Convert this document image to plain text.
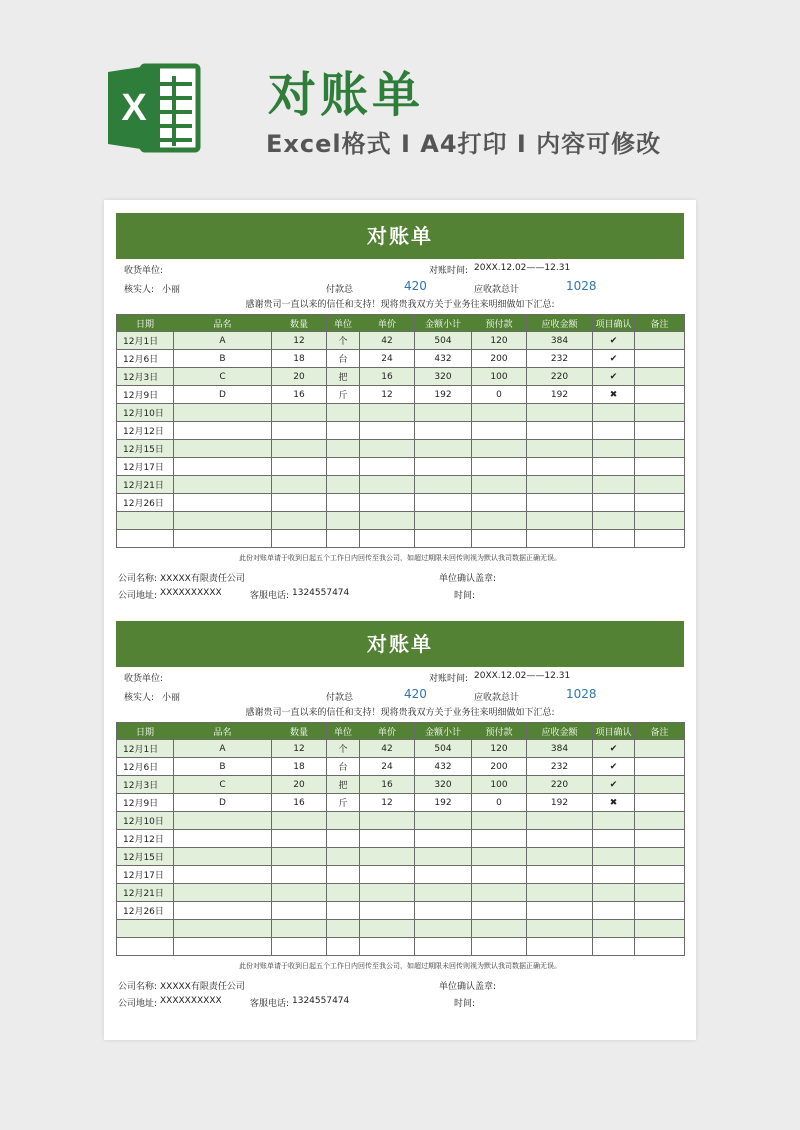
X	对账单
Excel格式 I A4打印 I 内容可修改
对账单
收货单位:	对账时间: 20XX.12.02——12.31
核实人: 小丽	付款总	420	应收款总计	1028
感谢贵司一直以来的信任和支持！现将贵我双方关于业务往来明细做如下汇总:
日期	品名	数量	单位	单价	金额小计	预付款	应收金额	项目确认	备注
12月1日	A	12	个	42	504	120	384	✔	
12月6日	B	18	台	24	432	200	232	✔	
12月3日	C	20	把	16	320	100	220	✔	
12月9日	D	16	斤	12	192	0	192	✖	
12月10日									
12月12日									
12月15日									
12月17日									
12月21日									
12月26日									

此份对账单请于收到日起五个工作日内回传至我公司，如超过期限未回传则视为默认我司数据正确无误。
公司名称: XXXXX有限责任公司	单位确认盖章:
公司地址: XXXXXXXXXX	客服电话: 1324557474	时间:
对账单
收货单位:	对账时间: 20XX.12.02——12.31
核实人: 小丽	付款总	420	应收款总计	1028
感谢贵司一直以来的信任和支持！现将贵我双方关于业务往来明细做如下汇总:
日期	品名	数量	单位	单价	金额小计	预付款	应收金额	项目确认	备注
12月1日	A	12	个	42	504	120	384	✔	
12月6日	B	18	台	24	432	200	232	✔	
12月3日	C	20	把	16	320	100	220	✔	
12月9日	D	16	斤	12	192	0	192	✖	
12月10日									
12月12日									
12月15日									
12月17日									
12月21日									
12月26日									

此份对账单请于收到日起五个工作日内回传至我公司，如超过期限未回传则视为默认我司数据正确无误。
公司名称: XXXXX有限责任公司	单位确认盖章:
公司地址: XXXXXXXXXX	客服电话: 1324557474	时间:
